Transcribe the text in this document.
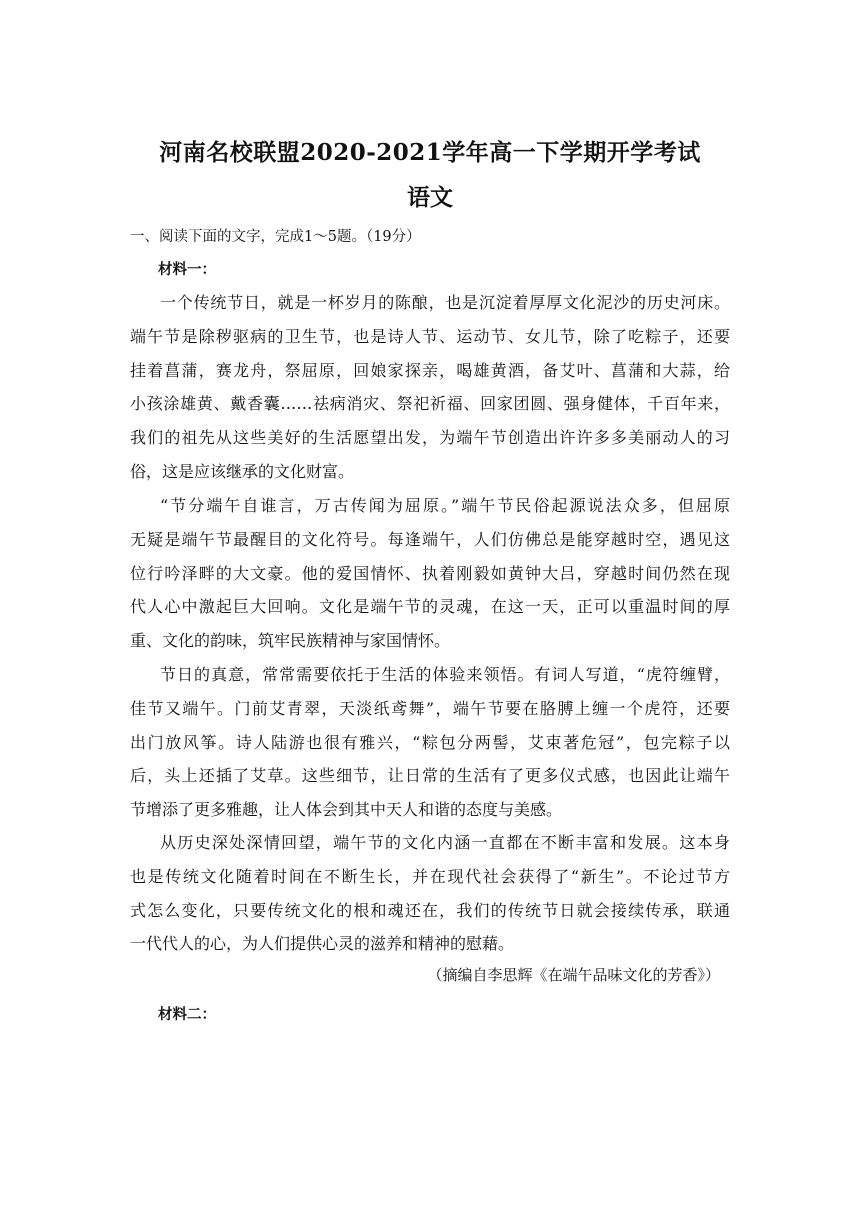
河南名校联盟2020-2021学年高一下学期开学考试
语文
一、阅读下面的文字，完成1～5题。（19分）
材料一：
一个传统节日，就是一杯岁月的陈酿，也是沉淀着厚厚文化泥沙的历史河床。
端午节是除秽驱病的卫生节，也是诗人节、运动节、女儿节，除了吃粽子，还要
挂着菖蒲，赛龙舟，祭屈原，回娘家探亲，喝雄黄酒，备艾叶、菖蒲和大蒜，给
小孩涂雄黄、戴香囊……祛病消灾、祭祀祈福、回家团圆、强身健体，千百年来，
我们的祖先从这些美好的生活愿望出发，为端午节创造出许许多多美丽动人的习
俗，这是应该继承的文化财富。
“节分端午自谁言，万古传闻为屈原。”端午节民俗起源说法众多，但屈原
无疑是端午节最醒目的文化符号。每逢端午，人们仿佛总是能穿越时空，遇见这
位行吟泽畔的大文豪。他的爱国情怀、执着刚毅如黄钟大吕，穿越时间仍然在现
代人心中激起巨大回响。文化是端午节的灵魂，在这一天，正可以重温时间的厚
重、文化的韵味，筑牢民族精神与家国情怀。
节日的真意，常常需要依托于生活的体验来领悟。有词人写道，“虎符缠臂，
佳节又端午。门前艾青翠，天淡纸鸢舞”，端午节要在胳膊上缠一个虎符，还要
出门放风筝。诗人陆游也很有雅兴，“粽包分两髻，艾束著危冠”，包完粽子以
后，头上还插了艾草。这些细节，让日常的生活有了更多仪式感，也因此让端午
节增添了更多雅趣，让人体会到其中天人和谐的态度与美感。
从历史深处深情回望，端午节的文化内涵一直都在不断丰富和发展。这本身
也是传统文化随着时间在不断生长，并在现代社会获得了“新生”。不论过节方
式怎么变化，只要传统文化的根和魂还在，我们的传统节日就会接续传承，联通
一代代人的心，为人们提供心灵的滋养和精神的慰藉。
（摘编自李思辉《在端午品味文化的芳香》）
材料二：
